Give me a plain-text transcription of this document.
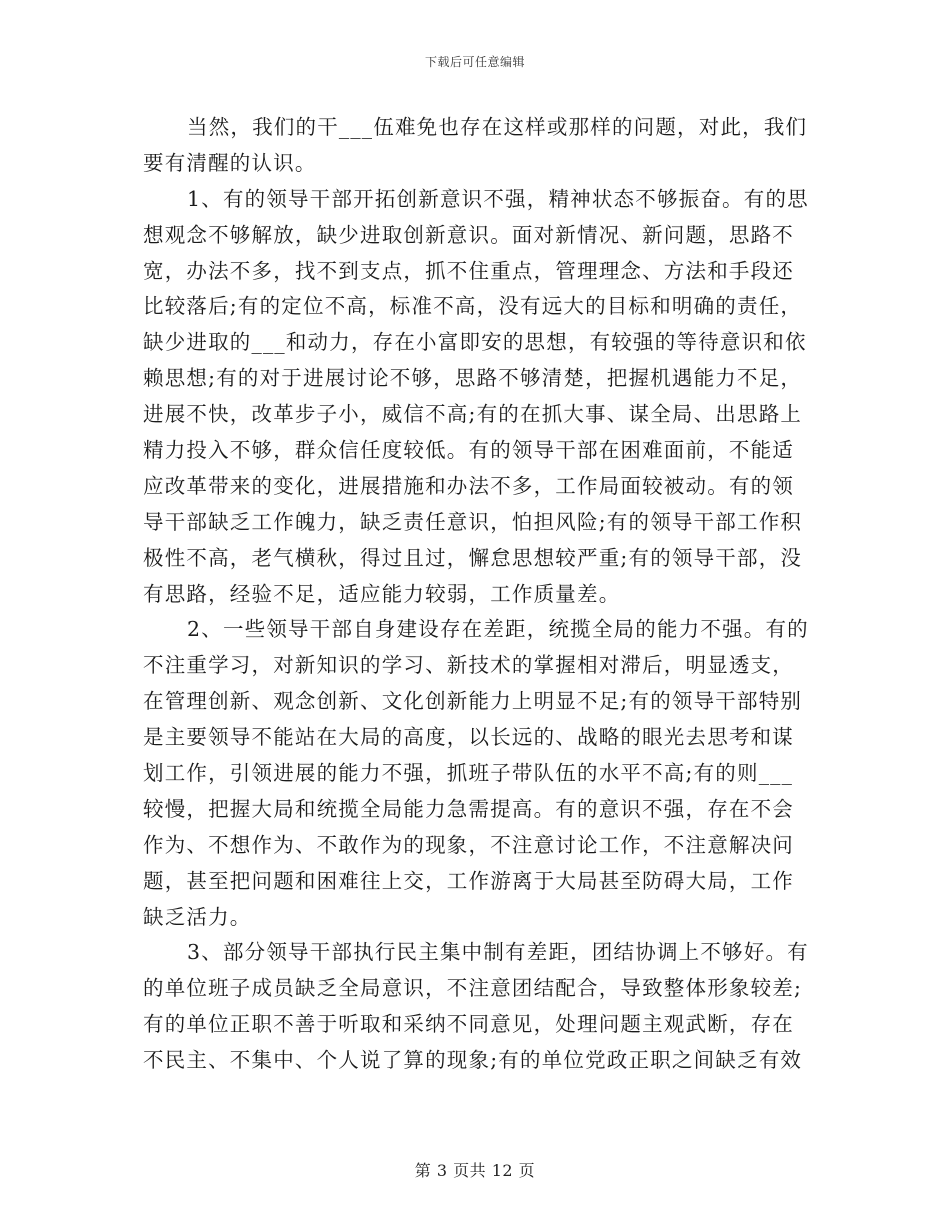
下载后可任意编辑
当然，我们的干___伍难免也存在这样或那样的问题，对此，我们
要有清醒的认识。
1、有的领导干部开拓创新意识不强，精神状态不够振奋。有的思
想观念不够解放，缺少进取创新意识。面对新情况、新问题，思路不
宽，办法不多，找不到支点，抓不住重点，管理理念、方法和手段还
比较落后;有的定位不高，标准不高，没有远大的目标和明确的责任，
缺少进取的___和动力，存在小富即安的思想，有较强的等待意识和依
赖思想;有的对于进展讨论不够，思路不够清楚，把握机遇能力不足，
进展不快，改革步子小，威信不高;有的在抓大事、谋全局、出思路上
精力投入不够，群众信任度较低。有的领导干部在困难面前，不能适
应改革带来的变化，进展措施和办法不多，工作局面较被动。有的领
导干部缺乏工作魄力，缺乏责任意识，怕担风险;有的领导干部工作积
极性不高，老气横秋，得过且过，懈怠思想较严重;有的领导干部，没
有思路，经验不足，适应能力较弱，工作质量差。
2、一些领导干部自身建设存在差距，统揽全局的能力不强。有的
不注重学习，对新知识的学习、新技术的掌握相对滞后，明显透支，
在管理创新、观念创新、文化创新能力上明显不足;有的领导干部特别
是主要领导不能站在大局的高度，以长远的、战略的眼光去思考和谋
划工作，引领进展的能力不强，抓班子带队伍的水平不高;有的则___
较慢，把握大局和统揽全局能力急需提高。有的意识不强，存在不会
作为、不想作为、不敢作为的现象，不注意讨论工作，不注意解决问
题，甚至把问题和困难往上交，工作游离于大局甚至防碍大局，工作
缺乏活力。
3、部分领导干部执行民主集中制有差距，团结协调上不够好。有
的单位班子成员缺乏全局意识，不注意团结配合，导致整体形象较差;
有的单位正职不善于听取和采纳不同意见，处理问题主观武断，存在
不民主、不集中、个人说了算的现象;有的单位党政正职之间缺乏有效
第 3 页共 12 页
